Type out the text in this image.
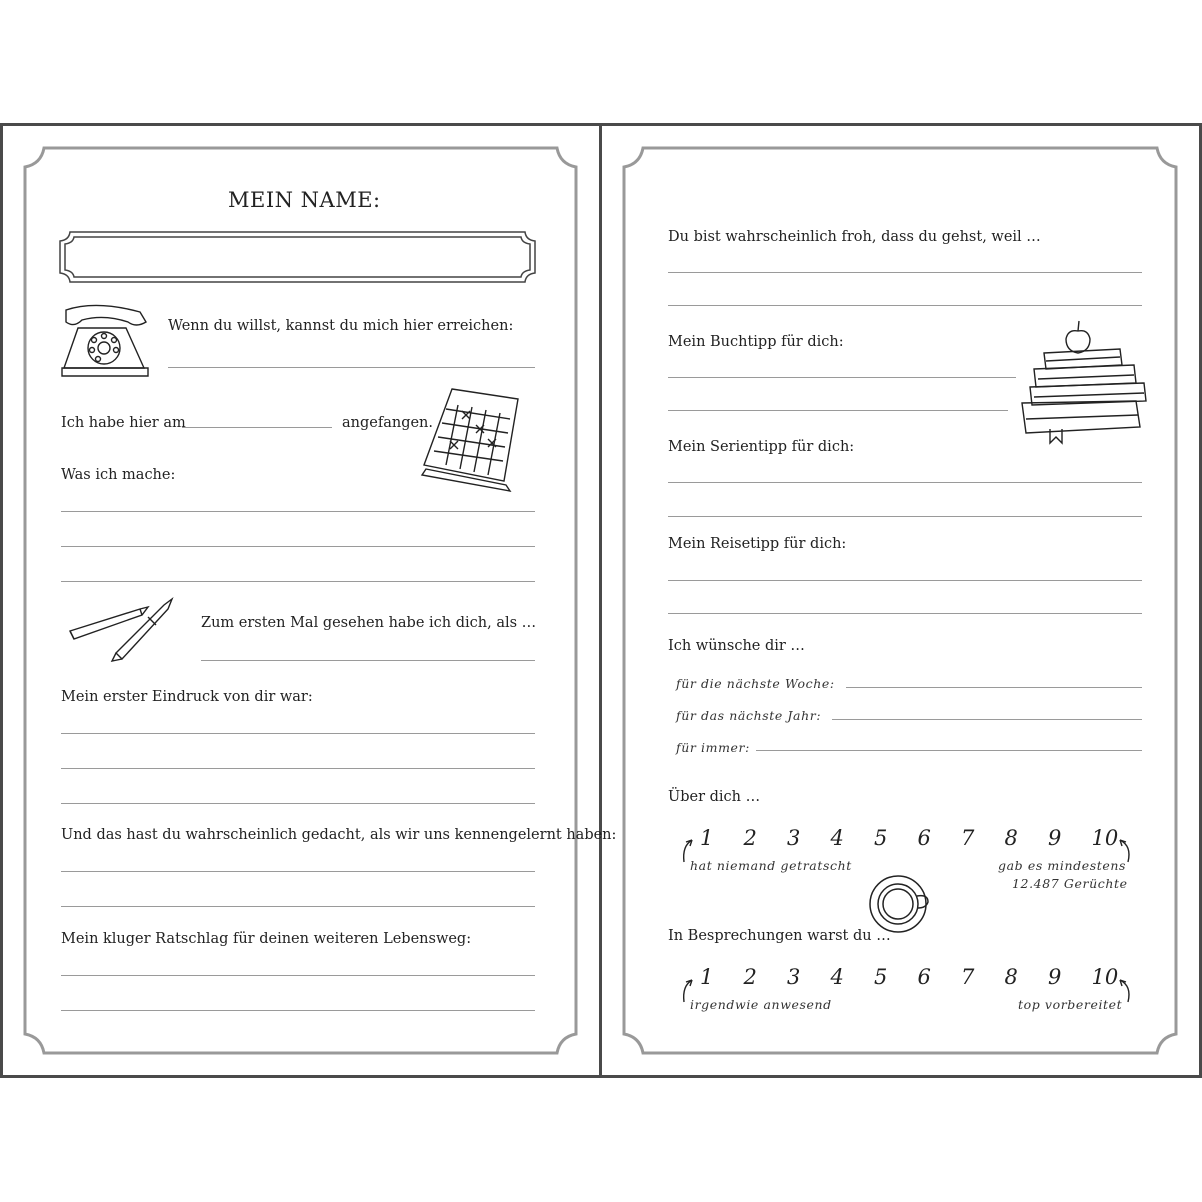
MEIN NAME:
Wenn du willst, kannst du mich hier erreichen:
Ich habe hier am	angefangen.
Was ich mache:
Zum ersten Mal gesehen habe ich dich, als …
Mein erster Eindruck von dir war:
Und das hast du wahrscheinlich gedacht, als wir uns kennengelernt haben:
Mein kluger Ratschlag für deinen weiteren Lebensweg:
Du bist wahrscheinlich froh, dass du gehst, weil …
Mein Buchtipp für dich:
Mein Serientipp für dich:
Mein Reisetipp für dich:
Ich wünsche dir …
für die nächste Woche:
für das nächste Jahr:
für immer:
Über dich …
1 2 3 4 5 6 7 8 9 10
hat niemand getratscht	gab es mindestens
12.487 Gerüchte
In Besprechungen warst du …
1 2 3 4 5 6 7 8 9 10
irgendwie anwesend	top vorbereitet
